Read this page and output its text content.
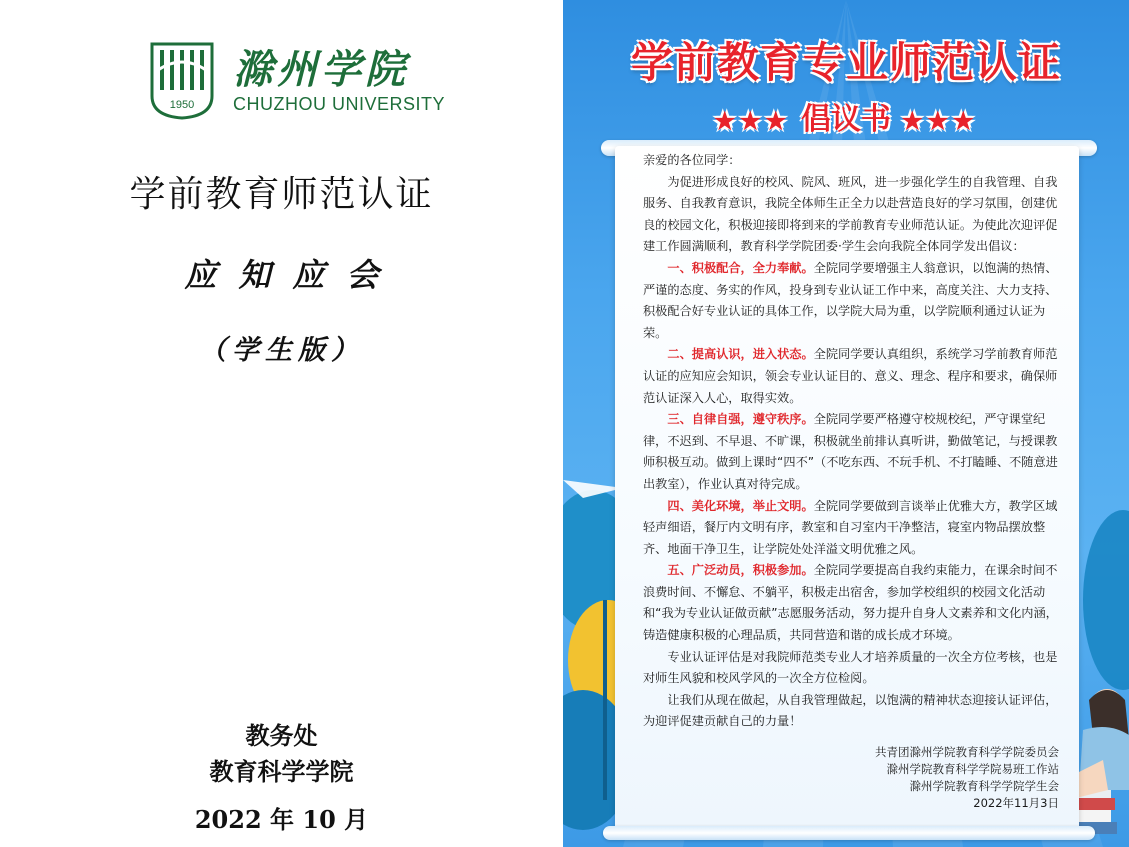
1950
滁州学院
CHUZHOU UNIVERSITY
学前教育师范认证
应知应会
（学生版）
教务处
教育科学学院
2022 年 10 月
学前教育专业师范认证
★★★ 倡议书 ★★★

亲爱的各位同学：

为促进形成良好的校风、院风、班风，进一步强化学生的自我管理、自我服务、自我教育意识，我院全体师生正全力以赴营造良好的学习氛围，创建优良的校园文化，积极迎接即将到来的学前教育专业师范认证。为使此次迎评促建工作圆满顺利，教育科学学院团委·学生会向我院全体同学发出倡议：

一、积极配合，全力奉献。全院同学要增强主人翁意识，以饱满的热情、严谨的态度、务实的作风，投身到专业认证工作中来，高度关注、大力支持、积极配合好专业认证的具体工作，以学院大局为重，以学院顺利通过认证为荣。

二、提高认识，进入状态。全院同学要认真组织，系统学习学前教育师范认证的应知应会知识，领会专业认证目的、意义、理念、程序和要求，确保师范认证深入人心，取得实效。

三、自律自强，遵守秩序。全院同学要严格遵守校规校纪，严守课堂纪律，不迟到、不早退、不旷课，积极就坐前排认真听讲，勤做笔记，与授课教师积极互动。做到上课时“四不”（不吃东西、不玩手机、不打瞌睡、不随意进出教室），作业认真对待完成。

四、美化环境，举止文明。全院同学要做到言谈举止优雅大方，教学区域轻声细语，餐厅内文明有序，教室和自习室内干净整洁，寝室内物品摆放整齐、地面干净卫生，让学院处处洋溢文明优雅之风。

五、广泛动员，积极参加。全院同学要提高自我约束能力，在课余时间不浪费时间、不懈怠、不躺平，积极走出宿舍，参加学校组织的校园文化活动和“我为专业认证做贡献”志愿服务活动，努力提升自身人文素养和文化内涵，铸造健康积极的心理品质，共同营造和谐的成长成才环境。

专业认证评估是对我院师范类专业人才培养质量的一次全方位考核，也是对师生风貌和校风学风的一次全方位检阅。

让我们从现在做起，从自我管理做起，以饱满的精神状态迎接认证评估，为迎评促建贡献自己的力量！

共青团滁州学院教育科学学院委员会
滁州学院教育科学学院易班工作站
滁州学院教育科学学院学生会
2022年11月3日
